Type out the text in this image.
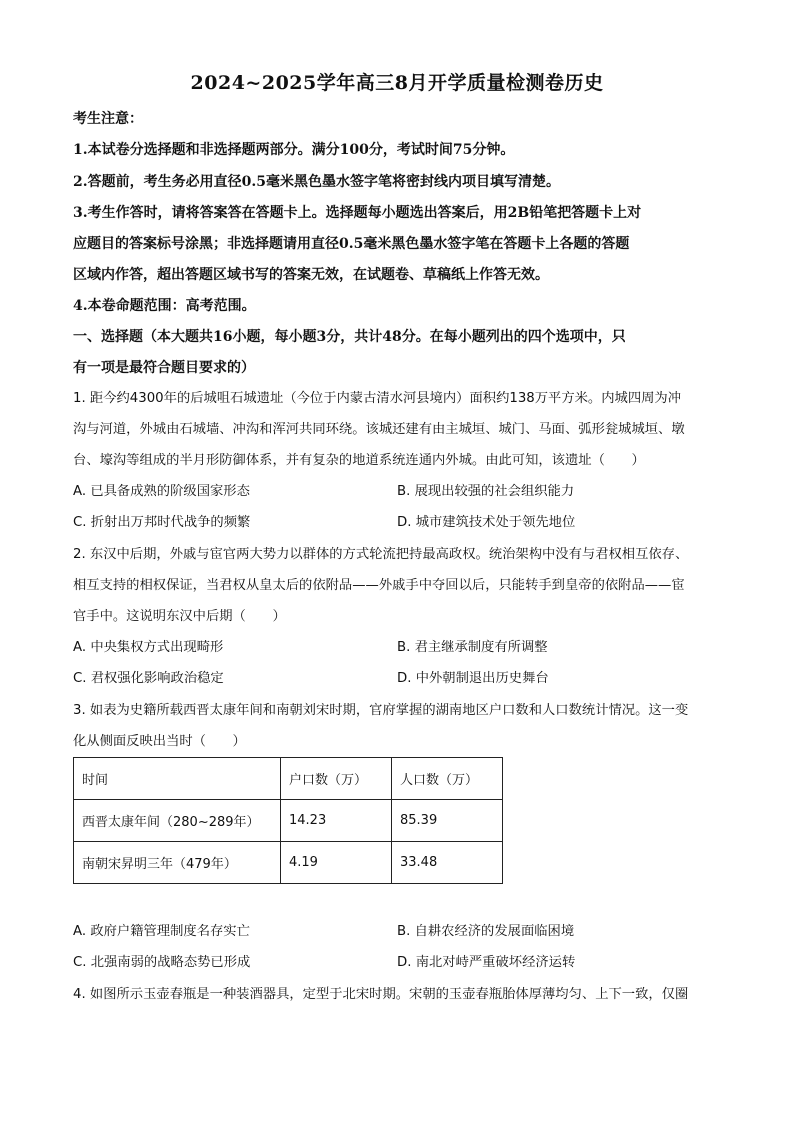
2024~2025学年高三8月开学质量检测卷历史
考生注意：
1.本试卷分选择题和非选择题两部分。满分100分，考试时间75分钟。
2.答题前，考生务必用直径0.5毫米黑色墨水签字笔将密封线内项目填写清楚。
3.考生作答时，请将答案答在答题卡上。选择题每小题选出答案后，用2B铅笔把答题卡上对
应题目的答案标号涂黑；非选择题请用直径0.5毫米黑色墨水签字笔在答题卡上各题的答题
区域内作答，超出答题区域书写的答案无效，在试题卷、草稿纸上作答无效。
4.本卷命题范围：高考范围。
一、选择题（本大题共16小题，每小题3分，共计48分。在每小题列出的四个选项中，只
有一项是最符合题目要求的）
1. 距今约4300年的后城咀石城遗址（今位于内蒙古清水河县境内）面积约138万平方米。内城四周为冲
沟与河道，外城由石城墙、冲沟和浑河共同环绕。该城还建有由主城垣、城门、马面、弧形瓮城城垣、墩
台、壕沟等组成的半月形防御体系，并有复杂的地道系统连通内外城。由此可知，该遗址（　　）
A. 已具备成熟的阶级国家形态	B. 展现出较强的社会组织能力
C. 折射出万邦时代战争的频繁	D. 城市建筑技术处于领先地位
2. 东汉中后期，外戚与宦官两大势力以群体的方式轮流把持最高政权。统治架构中没有与君权相互依存、
相互支持的相权保证，当君权从皇太后的依附品——外戚手中夺回以后，只能转手到皇帝的依附品——宦
官手中。这说明东汉中后期（　　）
A. 中央集权方式出现畸形	B. 君主继承制度有所调整
C. 君权强化影响政治稳定	D. 中外朝制退出历史舞台
3. 如表为史籍所载西晋太康年间和南朝刘宋时期，官府掌握的湖南地区户口数和人口数统计情况。这一变
化从侧面反映出当时（　　）
时间	户口数（万）	人口数（万）
西晋太康年间（280~289年）	14.23	85.39
南朝宋昇明三年（479年）	4.19	33.48
A. 政府户籍管理制度名存实亡	B. 自耕农经济的发展面临困境
C. 北强南弱的战略态势已形成	D. 南北对峙严重破坏经济运转
4. 如图所示玉壶春瓶是一种装酒器具，定型于北宋时期。宋朝的玉壶春瓶胎体厚薄均匀、上下一致，仅圈
